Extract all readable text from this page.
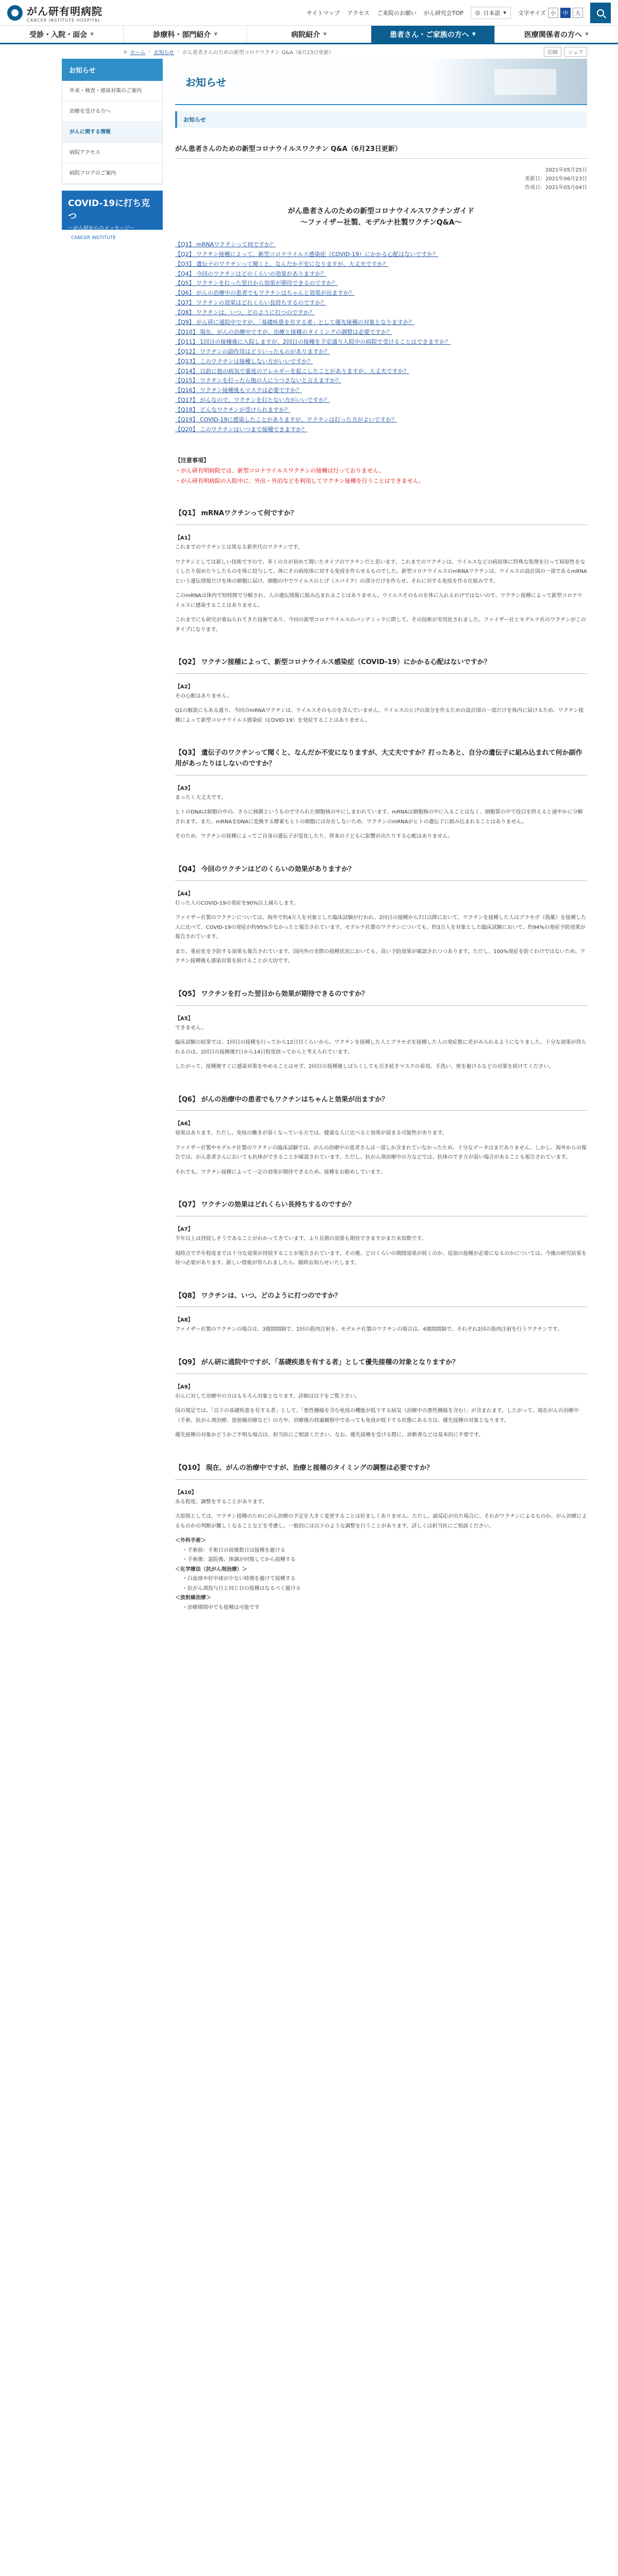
がん研有明病院
CANCER INSTITUTE HOSPITAL
サイトマップ アクセス ご来院のお願い がん研究会TOP ◎ 日本語 ▾ 文字サイズ 小	中	大
受診・入院・面会 ▼	診療科・部門紹介 ▼	病院紹介 ▼	患者さん・ご家族の方へ ▼	医療関係者の方へ ▼
⌂ ホーム › お知らせ › がん患者さんのための新型コロナワクチン Q&A（6月23日更新）	印刷	シェア
お知らせ
外来・検査・感染対策のご案内
治療を受ける方へ
がんに関する情報
病院アクセス
病院フロアのご案内
COVID-19に打ち克つ
～がん研からのメッセージ～
CANCER INSTITUTE
お知らせ
お知らせ
がん患者さんのための新型コロナウイルスワクチン Q&A（6月23日更新）
2021年05月25日
更新日：2021年06月23日
作成日：2021年05月04日
がん患者さんのための新型コロナウイルスワクチンガイド
～ファイザー社製、モデルナ社製ワクチンQ&A～
【Q1】 mRNAワクチンって何ですか？
【Q2】 ワクチン接種によって、新型コロナウイルス感染症（COVID-19）にかかる心配はないですか？
【Q3】 遺伝子のワクチンって聞くと、なんだか不安になりますが、大丈夫ですか？
【Q4】 今回のワクチンはどのくらいの効果がありますか？
【Q5】 ワクチンを打った翌日から効果が期待できるのですか？
【Q6】 がんの治療中の患者でもワクチンはちゃんと効果が出ますか？
【Q7】 ワクチンの効果はどれくらい長持ちするのですか？
【Q8】 ワクチンは、いつ、どのように打つのですか？
【Q9】 がん研に通院中ですが、「基礎疾患を有する者」として優先接種の対象となりますか？
【Q10】 現在、がんの治療中ですが、治療と接種のタイミングの調整は必要ですか？
【Q11】 1回目の接種後に入院しますが、2回目の接種を予定通り入院中の病院で受けることはできますか？
【Q12】 ワクチンの副作用はどういったものがありますか？
【Q13】 このワクチンは接種しない方がいいですか？
【Q14】 以前に他の病気で重度のアレルギーを起こしたことがありますが、大丈夫ですか？
【Q15】 ワクチンを打ったら他の人にうつさないと言えますか？
【Q16】 ワクチン接種後もマスクは必要ですか？
【Q17】 がんなので、ワクチンを打たない方がいいですか？
【Q18】 どんなワクチンが受けられますか？
【Q19】 COVID-19に感染したことがありますが、ワクチンは打った方がよいですか？
【Q20】 このワクチンはいつまで接種できますか？
【注意事項】
・がん研有明病院では、新型コロナウイルスワクチンの接種は行っておりません。
・がん研有明病院の入院中に、外出・外泊などを利用してワクチン接種を行うことはできません。
【Q1】 mRNAワクチンって何ですか？
【A1】

これまでのワクチンとは異なる新世代のワクチンです。

ワクチンとしては新しい技術ですので、多くの方が初めて聞いたタイプのワクチンだと思います。これまでのワクチンは、ウイルスなどの病原体に特殊な処理を行って病原性をなくしたり弱めたりしたものを体に投与して、体にその病原体に対する免疫を作らせるものでした。新型コロナウイルスのmRNAワクチンは、ウイルスの設計図の一部であるmRNAという遺伝情報だけを体の細胞に届け、細胞の中でウイルスのとげ（スパイク）の部分だけを作らせ、それに対する免疫を作る仕組みです。

このmRNAは体内で短時間で分解され、人の遺伝情報に組み込まれることはありません。ウイルスそのものを体に入れるわけではないので、ワクチン接種によって新型コロナウイルスに感染することはありません。

これまでにも研究が重ねられてきた技術であり、今回の新型コロナウイルスのパンデミックに際して、その技術が実用化されました。ファイザー社とモデルナ社のワクチンがこのタイプになります。

【Q2】 ワクチン接種によって、新型コロナウイルス感染症（COVID-19）にかかる心配はないですか？
【A2】

その心配はありません。

Q1の解説にもある通り、今回のmRNAワクチンは、ウイルスそのものを含んでいません。ウイルスのとげの部分を作るための設計図の一部だけを体内に届けるため、ワクチン接種によって新型コロナウイルス感染症（COVID-19）を発症することはありません。

【Q3】 遺伝子のワクチンって聞くと、なんだか不安になりますが、大丈夫ですか？打ったあと、自分の遺伝子に組み込まれて何か副作用があったりはしないのですか？
【A3】

まったく大丈夫です。

ヒトのDNAは細胞の中の、さらに核膜というもので守られた細胞核の中にしまわれています。mRNAは細胞核の中に入ることはなく、細胞質の中で役目を終えると速やかに分解されます。また、mRNAをDNAに変換する酵素もヒトの細胞には存在しないため、ワクチンのmRNAがヒトの遺伝子に組み込まれることはありません。

そのため、ワクチンの接種によってご自身の遺伝子が変化したり、将来の子どもに影響が出たりする心配はありません。

【Q4】 今回のワクチンはどのくらいの効果がありますか？
【A4】

打った人のCOVID-19の発症を90%以上減らします。

ファイザー社製のワクチンについては、海外で約4万人を対象とした臨床試験が行われ、2回目の接種から7日以降において、ワクチンを接種した人はプラセボ（偽薬）を接種した人に比べて、COVID-19の発症が約95%少なかったと報告されています。モデルナ社製のワクチンについても、約3万人を対象とした臨床試験において、約94%の発症予防効果が報告されています。

また、重症化を予防する効果も報告されています。国内外の実際の接種状況においても、高い予防効果が確認されつつあります。ただし、100%発症を防ぐわけではないため、ワクチン接種後も感染対策を続けることが大切です。

【Q5】 ワクチンを打った翌日から効果が期待できるのですか？
【A5】

できません。

臨床試験の結果では、1回目の接種を行ってから12日目くらいから、ワクチンを接種した人とプラセボを接種した人の発症数に差がみられるようになりました。十分な効果が得られるのは、2回目の接種後7日から14日程度経ってからと考えられています。

したがって、接種後すぐに感染対策をやめることはせず、2回目の接種後しばらくしても引き続きマスクの着用、手洗い、密を避けるなどの対策を続けてください。

【Q6】 がんの治療中の患者でもワクチンはちゃんと効果が出ますか？
【A6】

効果はあります。ただし、免疫の働きが弱くなっている方では、健康な人に比べると効果が弱まる可能性があります。

ファイザー社製やモデルナ社製のワクチンの臨床試験では、がんの治療中の患者さんは一部しか含まれていなかったため、十分なデータはまだありません。しかし、海外からの報告では、がん患者さんにおいても抗体ができることが確認されています。ただし、抗がん剤治療中の方などでは、抗体のでき方が弱い場合があることも報告されています。

それでも、ワクチン接種によって一定の効果が期待できるため、接種をお勧めしています。

【Q7】 ワクチンの効果はどれくらい長持ちするのですか？
【A7】

半年以上は持続しそうであることがわかってきています。より長期の効果も期待できますがまだ未知数です。

現時点で半年程度までは十分な効果が持続することが報告されています。その後、どのくらいの期間効果が続くのか、追加の接種が必要になるのかについては、今後の研究結果を待つ必要があります。新しい情報が得られましたら、随時お知らせいたします。

【Q8】 ワクチンは、いつ、どのように打つのですか？
【A8】

ファイザー社製のワクチンの場合は、3週間間隔で、2回の筋肉注射を、モデルナ社製のワクチンの場合は、4週間間隔で、それぞれ2回の筋肉注射を行うワクチンです。

【Q9】 がん研に通院中ですが、「基礎疾患を有する者」として優先接種の対象となりますか？
【A9】

がんに対して治療中の方はもちろん対象となります。詳細は以下をご覧下さい。

国の規定では、「以下の基礎疾患を有する者」として、「悪性腫瘍を含む免疫の機能が低下する病気（治療中の悪性腫瘍を含む）」が含まれます。したがって、現在がんの治療中（手術、抗がん剤治療、放射線治療など）の方や、治療後の経過観察中であっても免疫が低下する状態にある方は、優先接種の対象となります。

優先接種の対象かどうかご不明な場合は、担当医にご相談ください。なお、優先接種を受ける際に、診断書などは基本的に不要です。

【Q10】 現在、がんの治療中ですが、治療と接種のタイミングの調整は必要ですか？
【A10】

ある程度、調整をすることがあります。

大原則としては、ワクチン接種のためにがん治療の予定を大きく変更することは好ましくありません。ただし、副反応が出た場合に、それがワクチンによるものか、がん治療によるものかの判断が難しくなることなどを考慮し、一般的には以下のような調整を行うことがあります。詳しくは担当医にご相談ください。

＜外科手術＞
・手術前：手術日の前後数日は接種を避ける
・手術後：退院後、体調が回復してから接種する
＜化学療法（抗がん剤治療）＞
・白血球や好中球が少ない時期を避けて接種する
・抗がん剤投与日と同じ日の接種はなるべく避ける
＜放射線治療＞
・治療期間中でも接種は可能です
